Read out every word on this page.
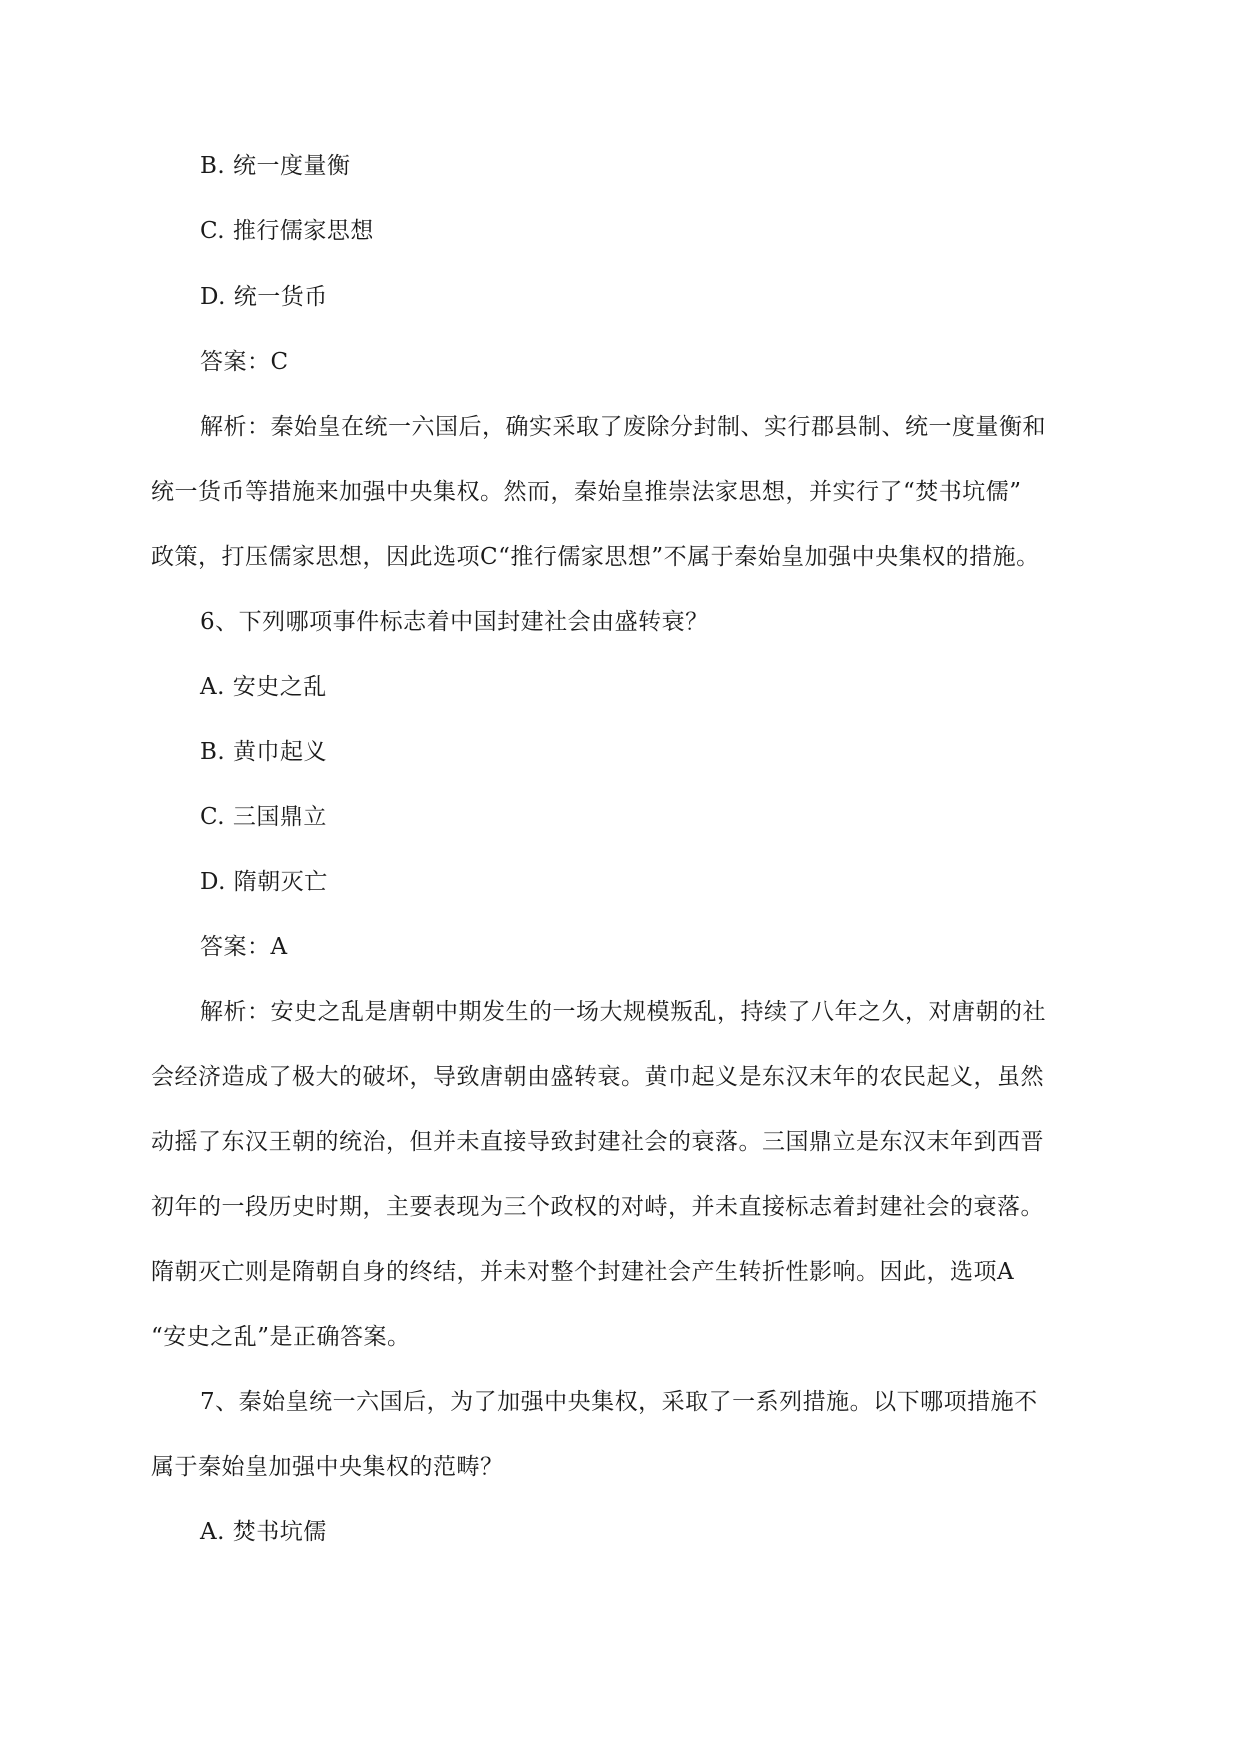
B. 统一度量衡
C. 推行儒家思想
D. 统一货币
答案：C
解析：秦始皇在统一六国后，确实采取了废除分封制、实行郡县制、统一度量衡和
统一货币等措施来加强中央集权。然而，秦始皇推崇法家思想，并实行了“焚书坑儒”
政策，打压儒家思想，因此选项C“推行儒家思想”不属于秦始皇加强中央集权的措施。
6、下列哪项事件标志着中国封建社会由盛转衰？
A. 安史之乱
B. 黄巾起义
C. 三国鼎立
D. 隋朝灭亡
答案：A
解析：安史之乱是唐朝中期发生的一场大规模叛乱，持续了八年之久，对唐朝的社
会经济造成了极大的破坏，导致唐朝由盛转衰。黄巾起义是东汉末年的农民起义，虽然
动摇了东汉王朝的统治，但并未直接导致封建社会的衰落。三国鼎立是东汉末年到西晋
初年的一段历史时期，主要表现为三个政权的对峙，并未直接标志着封建社会的衰落。
隋朝灭亡则是隋朝自身的终结，并未对整个封建社会产生转折性影响。因此，选项A
“安史之乱”是正确答案。
7、秦始皇统一六国后，为了加强中央集权，采取了一系列措施。以下哪项措施不
属于秦始皇加强中央集权的范畴？
A. 焚书坑儒
